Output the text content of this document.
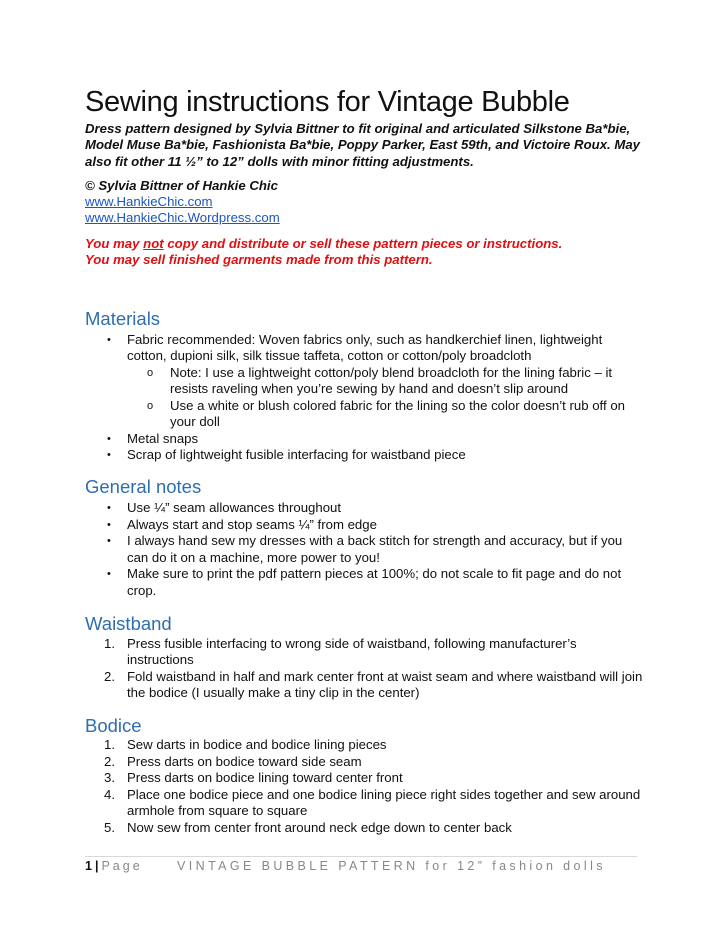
Sewing instructions for Vintage Bubble

Dress pattern designed by Sylvia Bittner to fit original and articulated Silkstone Ba*bie, Model Muse Ba*bie, Fashionista Ba*bie, Poppy Parker, East 59th, and Victoire Roux. May also fit other 11 ½” to 12” dolls with minor fitting adjustments.

© Sylvia Bittner of Hankie Chic
www.HankieChic.com
www.HankieChic.Wordpress.com
You may not copy and distribute or sell these pattern pieces or instructions.
You may sell finished garments made from this pattern.
Materials
• Fabric recommended: Woven fabrics only, such as handkerchief linen, lightweight cotton, dupioni silk, silk tissue taffeta, cotton or cotton/poly broadcloth
o Note: I use a lightweight cotton/poly blend broadcloth for the lining fabric – it resists raveling when you’re sewing by hand and doesn’t slip around
o Use a white or blush colored fabric for the lining so the color doesn’t rub off on your doll
• Metal snaps
• Scrap of lightweight fusible interfacing for waistband piece
General notes
• Use ¼” seam allowances throughout
• Always start and stop seams ¼” from edge
• I always hand sew my dresses with a back stitch for strength and accuracy, but if you can do it on a machine, more power to you!
• Make sure to print the pdf pattern pieces at 100%; do not scale to fit page and do not crop.
Waistband
1. Press fusible interfacing to wrong side of waistband, following manufacturer’s instructions
2. Fold waistband in half and mark center front at waist seam and where waistband will join the bodice (I usually make a tiny clip in the center)
Bodice
1. Sew darts in bodice and bodice lining pieces
2. Press darts on bodice toward side seam
3. Press darts on bodice lining toward center front
4. Place one bodice piece and one bodice lining piece right sides together and sew around armhole from square to square
5. Now sew from center front around neck edge down to center back
1 | Page	VINTAGE BUBBLE PATTERN for 12” fashion dolls
